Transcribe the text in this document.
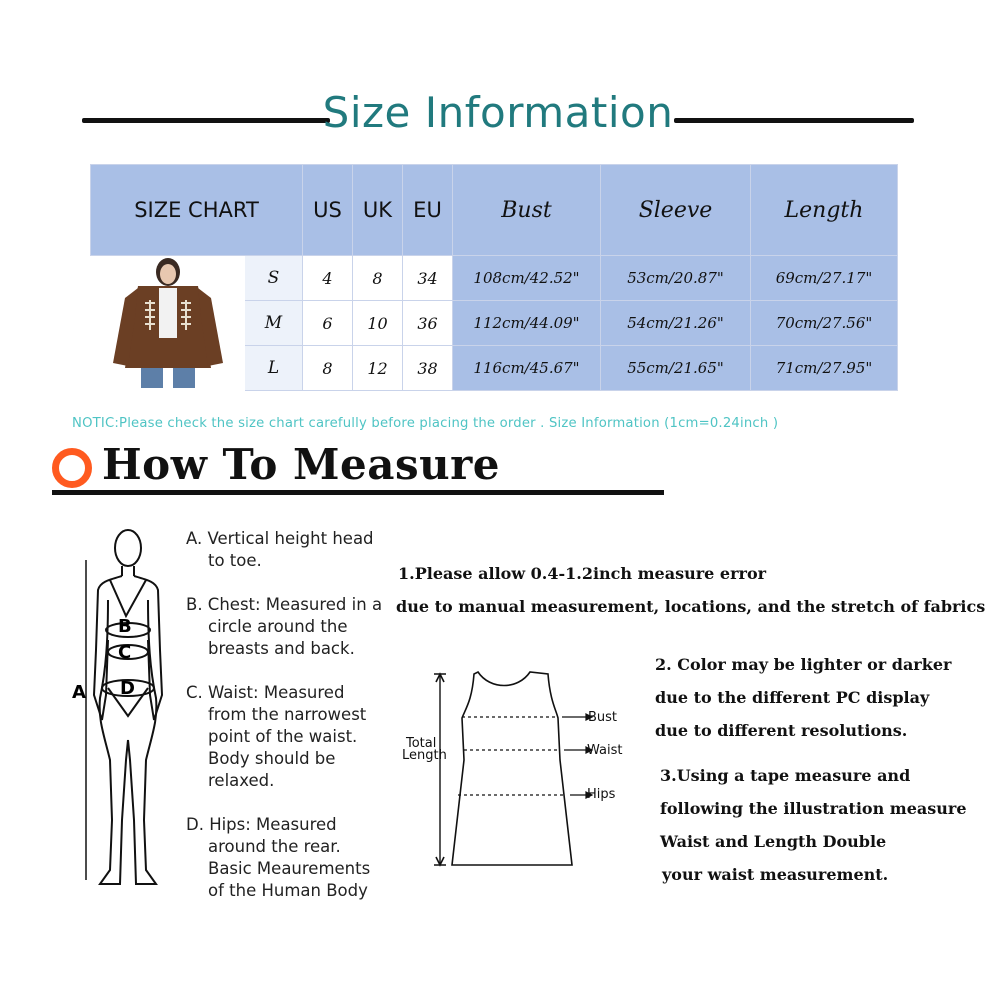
Size Information
SIZE CHART		US	UK	EU	Bust	Sleeve	Length

	S	4	8	34	108cm/42.52"	53cm/20.87"	69cm/27.17"
	M	6	10	36	112cm/44.09"	54cm/21.26"	70cm/27.56"
	L	8	12	38	116cm/45.67"	55cm/21.65"	71cm/27.95"
NOTIC:Please check the size chart carefully before placing the order . Size Information (1cm=0.24inch )
How To Measure
B
C
D
A
A. Vertical height head
to toe.
B. Chest: Measured in a
circle around the
breasts and back.
C. Waist: Measured
from the narrowest
point of the waist.
Body should be
relaxed.
D. Hips: Measured
around the rear.
Basic Meaurements
of the Human Body
1.Please allow 0.4-1.2inch measure error
due to manual measurement, locations, and the stretch of fabrics
2. Color may be lighter or darker
due to the different PC display
due to different resolutions.
3.Using a tape measure and
following the illustration measure
Waist and Length Double
your waist measurement.
Total
Length
Bust
Waist
Hips
